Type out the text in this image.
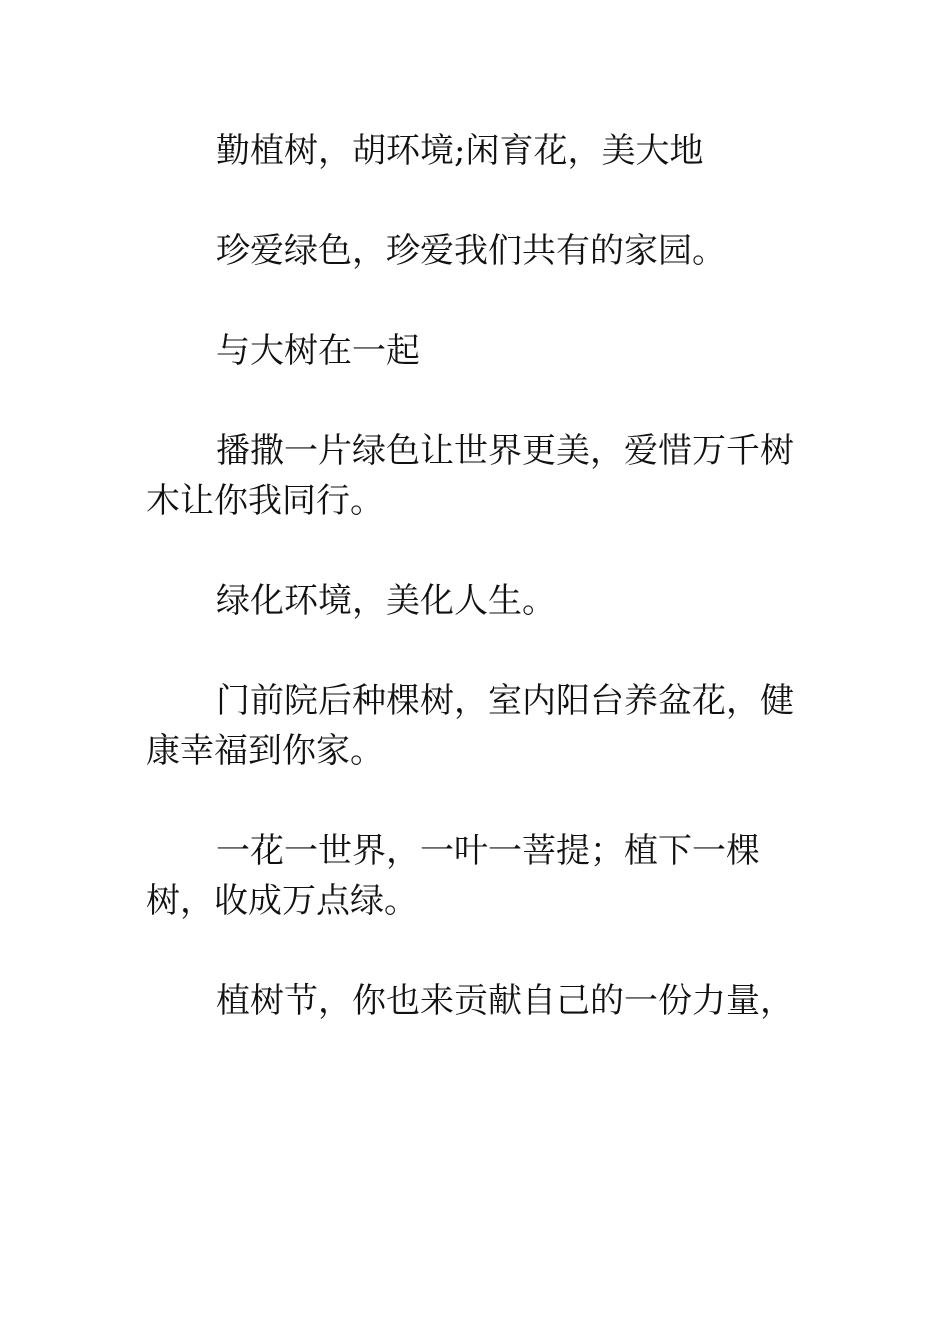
勤植树，胡环境;闲育花，美大地

珍爱绿色，珍爱我们共有的家园。

与大树在一起

播撒一片绿色让世界更美，爱惜万千树木让你我同行。

绿化环境，美化人生。

门前院后种棵树，室内阳台养盆花，健康幸福到你家。

一花一世界，一叶一菩提；植下一棵树，收成万点绿。

植树节，你也来贡献自己的一份力量，
